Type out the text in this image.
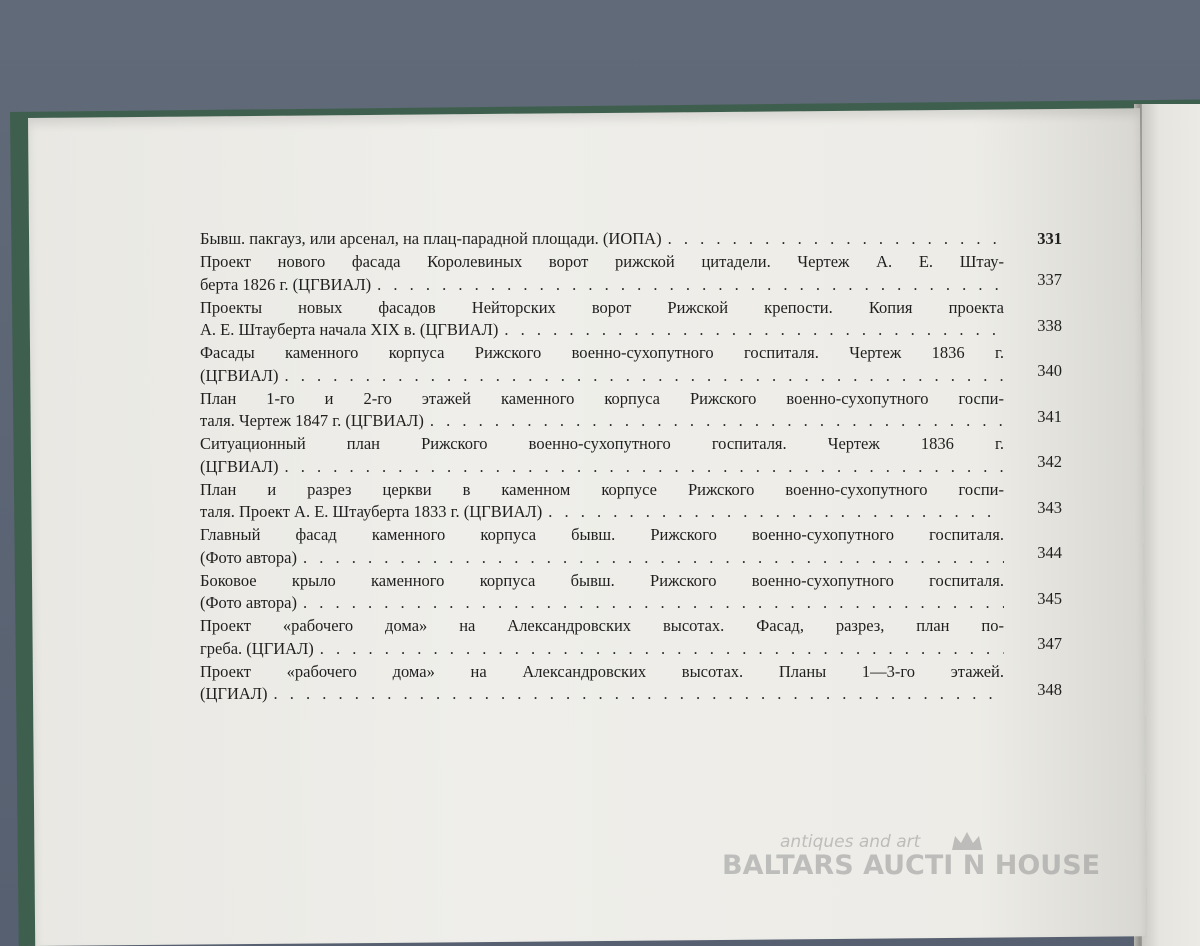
Бывш. пакгауз, или арсенал, на плац-парадной площади. (ИОПА) . . .	331
Проект нового фасада Королевиных ворот рижской цитадели. Чертеж А. Е. Штау-
берта 1826 г. (ЦГВИАЛ) . . .	337
Проекты новых фасадов Нейторских ворот Рижской крепости. Копия проекта
А. Е. Штауберта начала XIX в. (ЦГВИАЛ) . . .	338
Фасады каменного корпуса Рижского военно-сухопутного госпиталя. Чертеж 1836 г.
(ЦГВИАЛ) . . .	340
План 1-го и 2-го этажей каменного корпуса Рижского военно-сухопутного госпи-
таля. Чертеж 1847 г. (ЦГВИАЛ) . . .	341
Ситуационный план Рижского военно-сухопутного госпиталя. Чертеж 1836 г.
(ЦГВИАЛ) . . .	342
План и разрез церкви в каменном корпусе Рижского военно-сухопутного госпи-
таля. Проект А. Е. Штауберта 1833 г. (ЦГВИАЛ) . . .	343
Главный фасад каменного корпуса бывш. Рижского военно-сухопутного госпиталя.
(Фото автора) . . .	344
Боковое крыло каменного корпуса бывш. Рижского военно-сухопутного госпиталя.
(Фото автора) . . .	345
Проект «рабочего дома» на Александровских высотах. Фасад, разрез, план по-
греба. (ЦГИАЛ) . . .	347
Проект «рабочего дома» на Александровских высотах. Планы 1—3-го этажей.
(ЦГИАЛ) . . .	348
antiques and art
BALTARS AUCTI N HOUSE
